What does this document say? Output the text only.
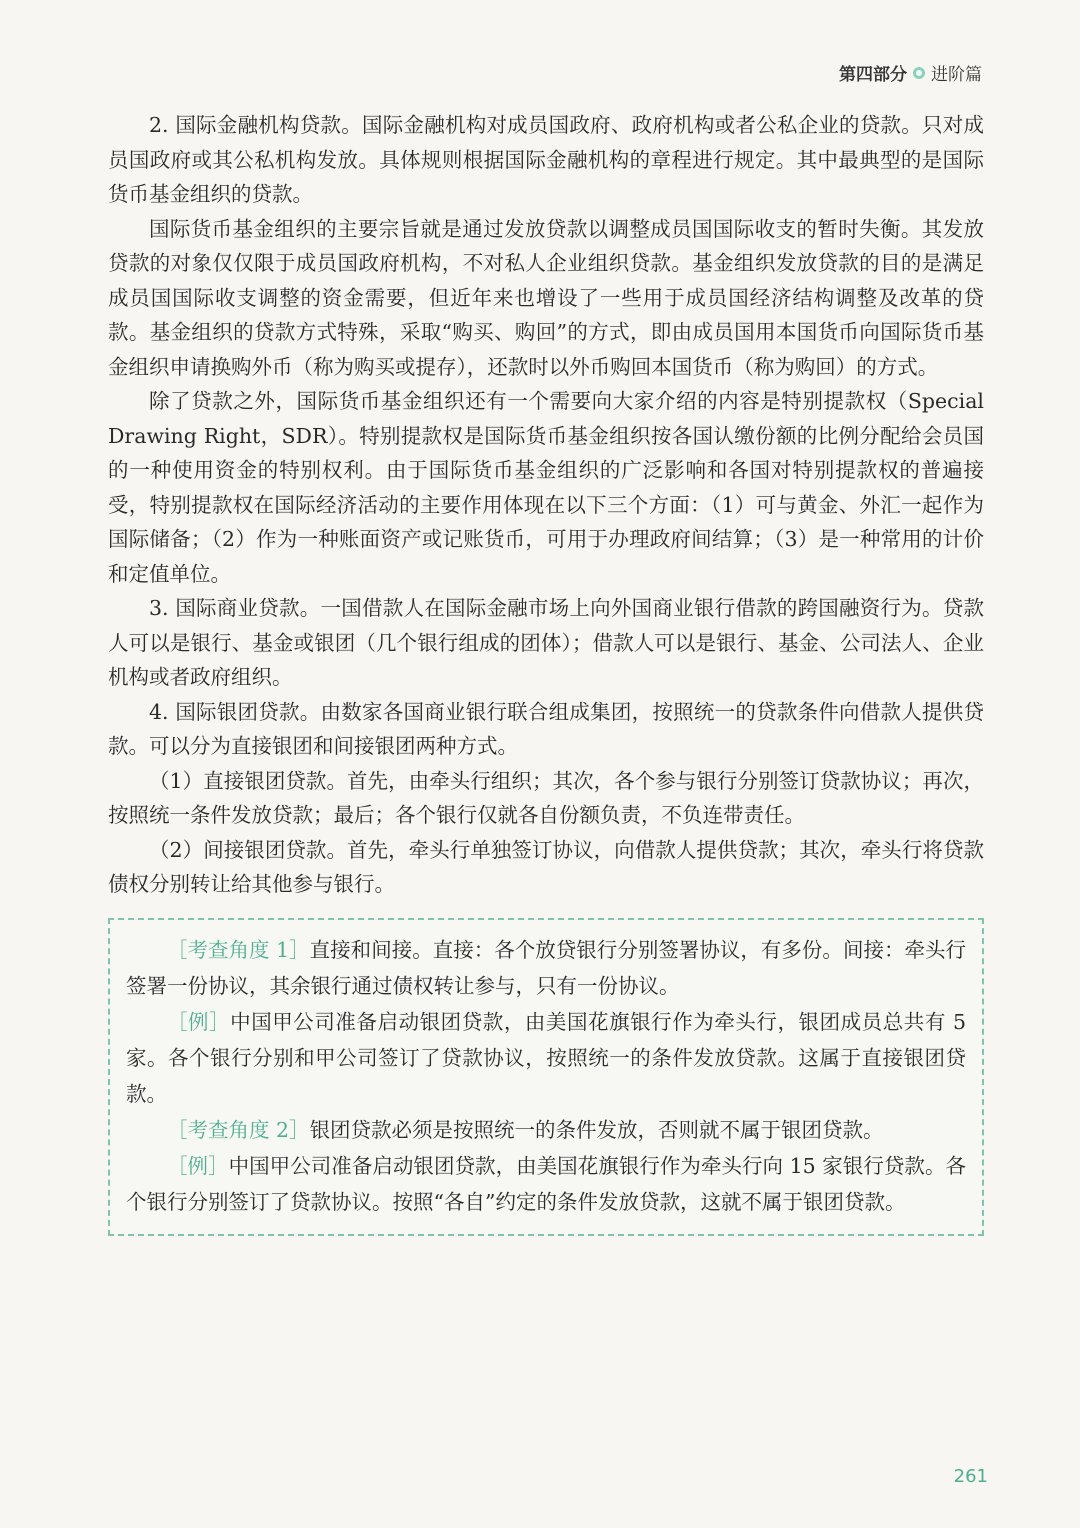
第四部分 进阶篇

2. 国际金融机构贷款。国际金融机构对成员国政府、政府机构或者公私企业的贷款。只对成员国政府或其公私机构发放。具体规则根据国际金融机构的章程进行规定。其中最典型的是国际货币基金组织的贷款。

国际货币基金组织的主要宗旨就是通过发放贷款以调整成员国国际收支的暂时失衡。其发放贷款的对象仅仅限于成员国政府机构，不对私人企业组织贷款。基金组织发放贷款的目的是满足成员国国际收支调整的资金需要，但近年来也增设了一些用于成员国经济结构调整及改革的贷款。基金组织的贷款方式特殊，采取“购买、购回”的方式，即由成员国用本国货币向国际货币基金组织申请换购外币（称为购买或提存），还款时以外币购回本国货币（称为购回）的方式。

除了贷款之外，国际货币基金组织还有一个需要向大家介绍的内容是特别提款权（Special Drawing Right，SDR）。特别提款权是国际货币基金组织按各国认缴份额的比例分配给会员国的一种使用资金的特别权利。由于国际货币基金组织的广泛影响和各国对特别提款权的普遍接受，特别提款权在国际经济活动的主要作用体现在以下三个方面：（1）可与黄金、外汇一起作为国际储备；（2）作为一种账面资产或记账货币，可用于办理政府间结算；（3）是一种常用的计价和定值单位。

3. 国际商业贷款。一国借款人在国际金融市场上向外国商业银行借款的跨国融资行为。贷款人可以是银行、基金或银团（几个银行组成的团体）；借款人可以是银行、基金、公司法人、企业机构或者政府组织。

4. 国际银团贷款。由数家各国商业银行联合组成集团，按照统一的贷款条件向借款人提供贷款。可以分为直接银团和间接银团两种方式。

（1）直接银团贷款。首先，由牵头行组织；其次，各个参与银行分别签订贷款协议；再次，按照统一条件发放贷款；最后；各个银行仅就各自份额负责，不负连带责任。

（2）间接银团贷款。首先，牵头行单独签订协议，向借款人提供贷款；其次，牵头行将贷款债权分别转让给其他参与银行。

［考查角度 1］直接和间接。直接：各个放贷银行分别签署协议，有多份。间接：牵头行签署一份协议，其余银行通过债权转让参与，只有一份协议。

［例］中国甲公司准备启动银团贷款，由美国花旗银行作为牵头行，银团成员总共有 5 家。各个银行分别和甲公司签订了贷款协议，按照统一的条件发放贷款。这属于直接银团贷款。

［考查角度 2］银团贷款必须是按照统一的条件发放，否则就不属于银团贷款。

［例］中国甲公司准备启动银团贷款，由美国花旗银行作为牵头行向 15 家银行贷款。各个银行分别签订了贷款协议。按照“各自”约定的条件发放贷款，这就不属于银团贷款。

261
